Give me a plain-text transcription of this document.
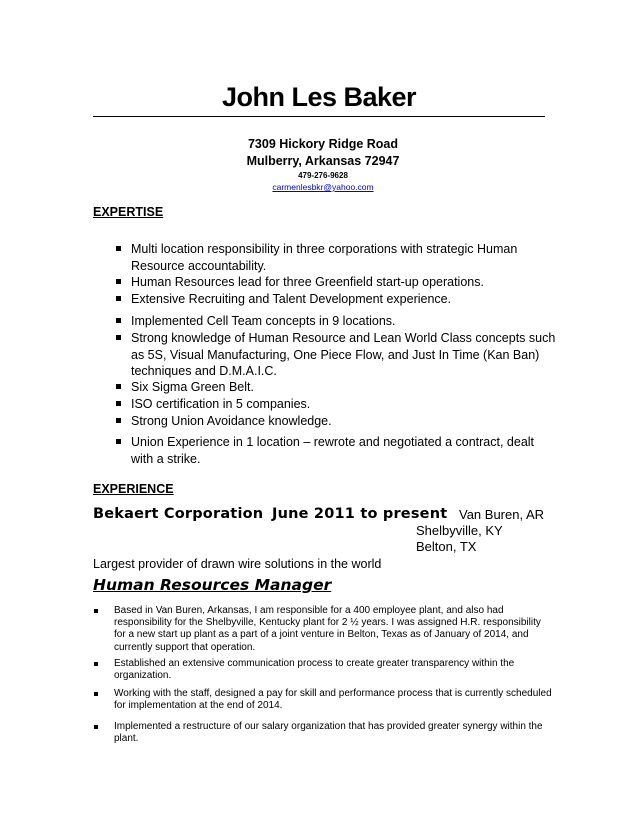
John Les Baker
7309 Hickory Ridge Road
Mulberry, Arkansas 72947
479-276-9628
carmenlesbkr@yahoo.com
EXPERTISE
Multi location responsibility in three corporations with strategic Human Resource accountability.
Human Resources lead for three Greenfield start-up operations.
Extensive Recruiting and Talent Development experience.
Implemented Cell Team concepts in 9 locations.
Strong knowledge of Human Resource and Lean World Class concepts such as 5S, Visual Manufacturing, One Piece Flow, and Just In Time (Kan Ban) techniques and D.M.A.I.C.
Six Sigma Green Belt.
ISO certification in 5 companies.
Strong Union Avoidance knowledge.
Union Experience in 1 location – rewrote and negotiated a contract, dealt with a strike.
EXPERIENCE
Bekaert Corporation June 2011 to present Van Buren, AR
Shelbyville, KY
Belton, TX
Largest provider of drawn wire solutions in the world
Human Resources Manager
Based in Van Buren, Arkansas, I am responsible for a 400 employee plant, and also had responsibility for the Shelbyville, Kentucky plant for 2 ½ years. I was assigned H.R. responsibility for a new start up plant as a part of a joint venture in Belton, Texas as of January of 2014, and currently support that operation.
Established an extensive communication process to create greater transparency within the organization.
Working with the staff, designed a pay for skill and performance process that is currently scheduled for implementation at the end of 2014.
Implemented a restructure of our salary organization that has provided greater synergy within the plant.
